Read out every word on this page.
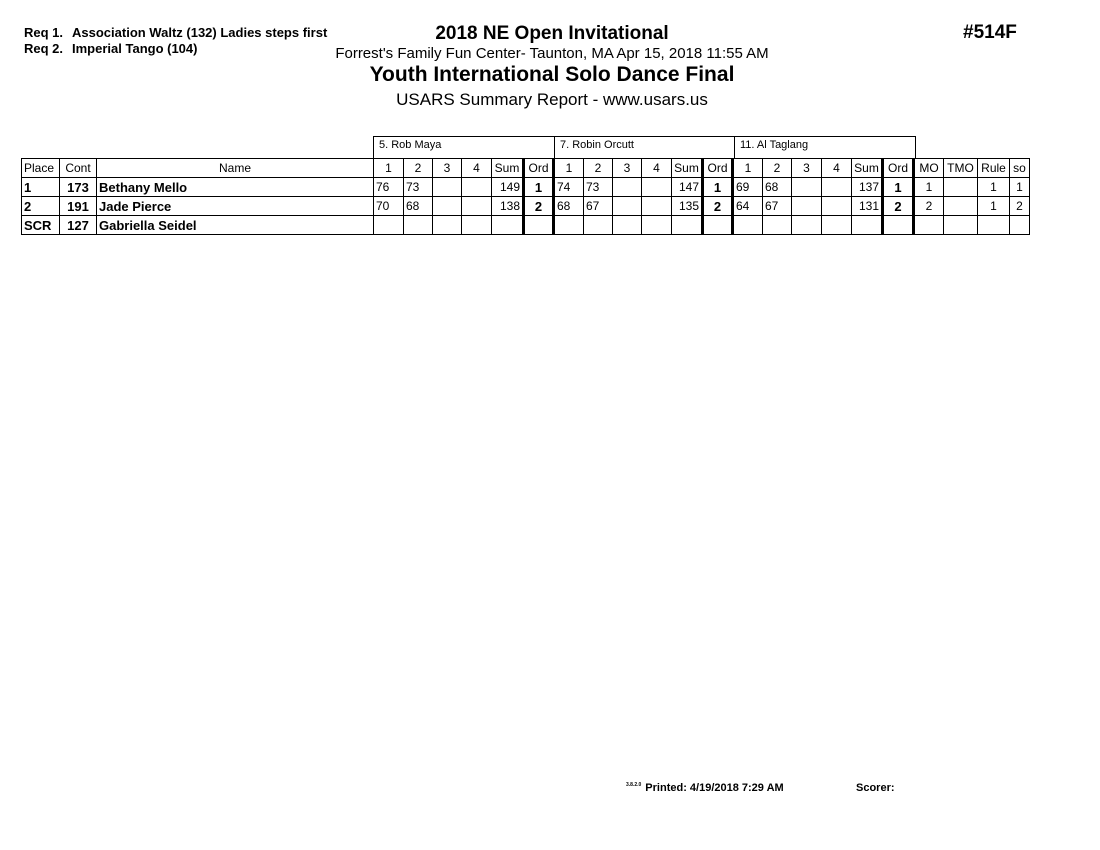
Req 1. Association Waltz (132) Ladies steps first
Req 2. Imperial Tango (104)
2018 NE Open Invitational
Forrest's Family Fun Center- Taunton, MA Apr 15, 2018 11:55 AM
Youth International Solo Dance Final
USARS Summary Report - www.usars.us
#514F
5. Rob Maya	7. Robin Orcutt	11. Al Taglang
Place	Cont	Name	1	2	3	4	Sum	Ord	1	2	3	4	Sum	Ord	1	2	3	4	Sum	Ord	MO	TMO	Rule	so
1	173	Bethany Mello	76	73			149	1	74	73			147	1	69	68			137	1	1		1	1
2	191	Jade Pierce	70	68			138	2	68	67			135	2	64	67			131	2	2		1	2
SCR	127	Gabriella Seidel																						
$^{3.8.2.0}$ Printed: 4/19/2018 7:29 AM	Scorer:
